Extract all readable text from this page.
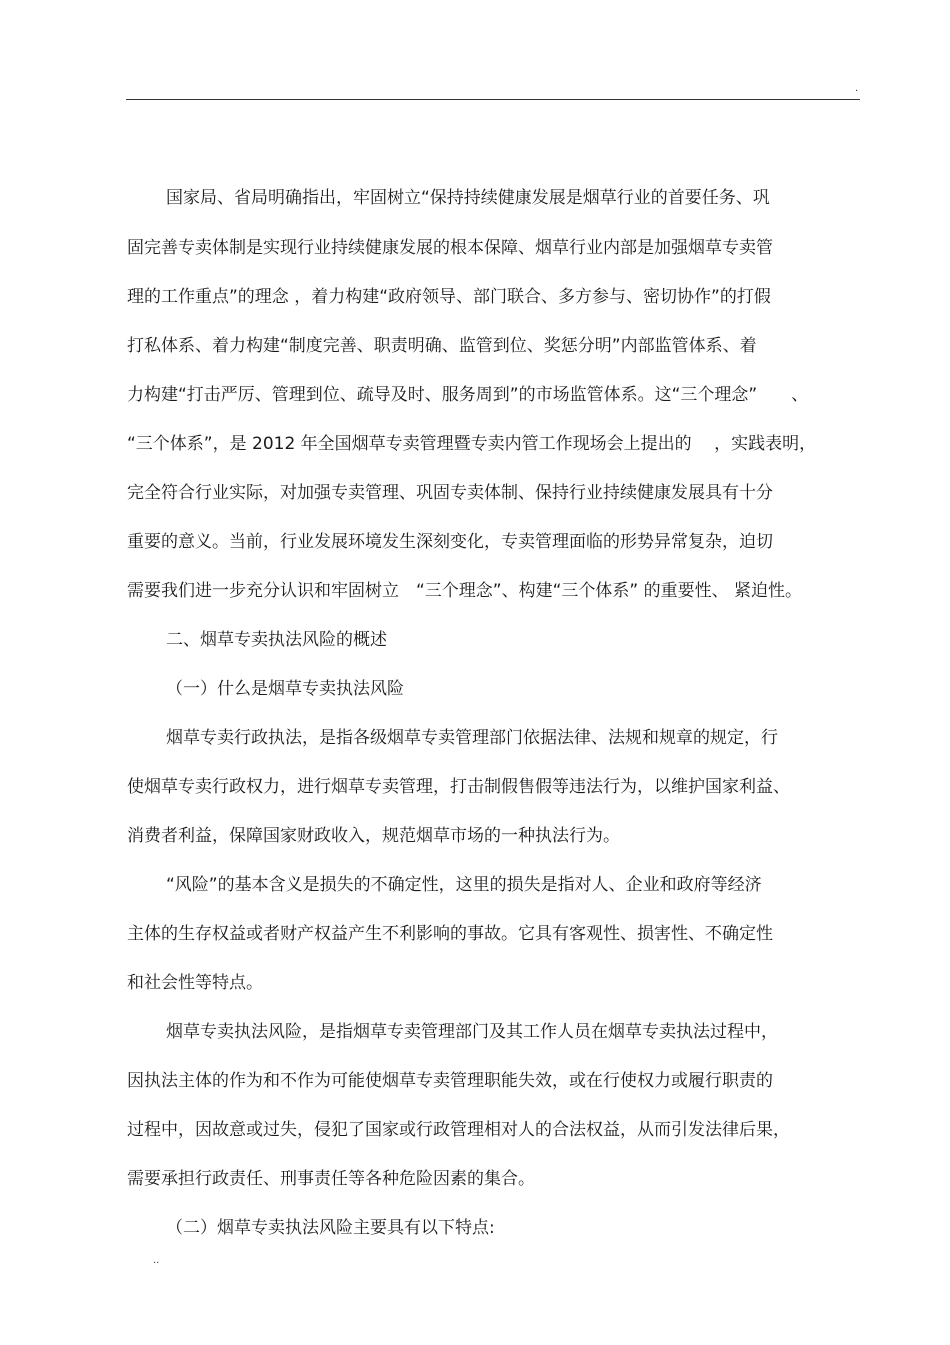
.
国家局、省局明确指出，牢固树立“保持持续健康发展是烟草行业的首要任务、巩
固完善专卖体制是实现行业持续健康发展的根本保障、烟草行业内部是加强烟草专卖管
理的工作重点”的理念 ，着力构建“政府领导、部门联合、多方参与、密切协作”的打假
打私体系、着力构建“制度完善、职责明确、监管到位、奖惩分明”内部监管体系、着
力构建“打击严厉、管理到位、疏导及时、服务周到”的市场监管体系。这“三个理念”　　、
“三个体系”，是 2012 年全国烟草专卖管理暨专卖内管工作现场会上提出的　 ，实践表明，
完全符合行业实际，对加强专卖管理、巩固专卖体制、保持行业持续健康发展具有十分
重要的意义。当前，行业发展环境发生深刻变化，专卖管理面临的形势异常复杂，迫切
需要我们进一步充分认识和牢固树立　“三个理念”、构建“三个体系” 的重要性、 紧迫性。
二、烟草专卖执法风险的概述
（一）什么是烟草专卖执法风险
烟草专卖行政执法，是指各级烟草专卖管理部门依据法律、法规和规章的规定，行
使烟草专卖行政权力，进行烟草专卖管理，打击制假售假等违法行为，以维护国家利益、
消费者利益，保障国家财政收入，规范烟草市场的一种执法行为。
“风险”的基本含义是损失的不确定性，这里的损失是指对人、企业和政府等经济
主体的生存权益或者财产权益产生不利影响的事故。它具有客观性、损害性、不确定性
和社会性等特点。
烟草专卖执法风险，是指烟草专卖管理部门及其工作人员在烟草专卖执法过程中，
因执法主体的作为和不作为可能使烟草专卖管理职能失效，或在行使权力或履行职责的
过程中，因故意或过失，侵犯了国家或行政管理相对人的合法权益，从而引发法律后果，
需要承担行政责任、刑事责任等各种危险因素的集合。
（二）烟草专卖执法风险主要具有以下特点:
..
